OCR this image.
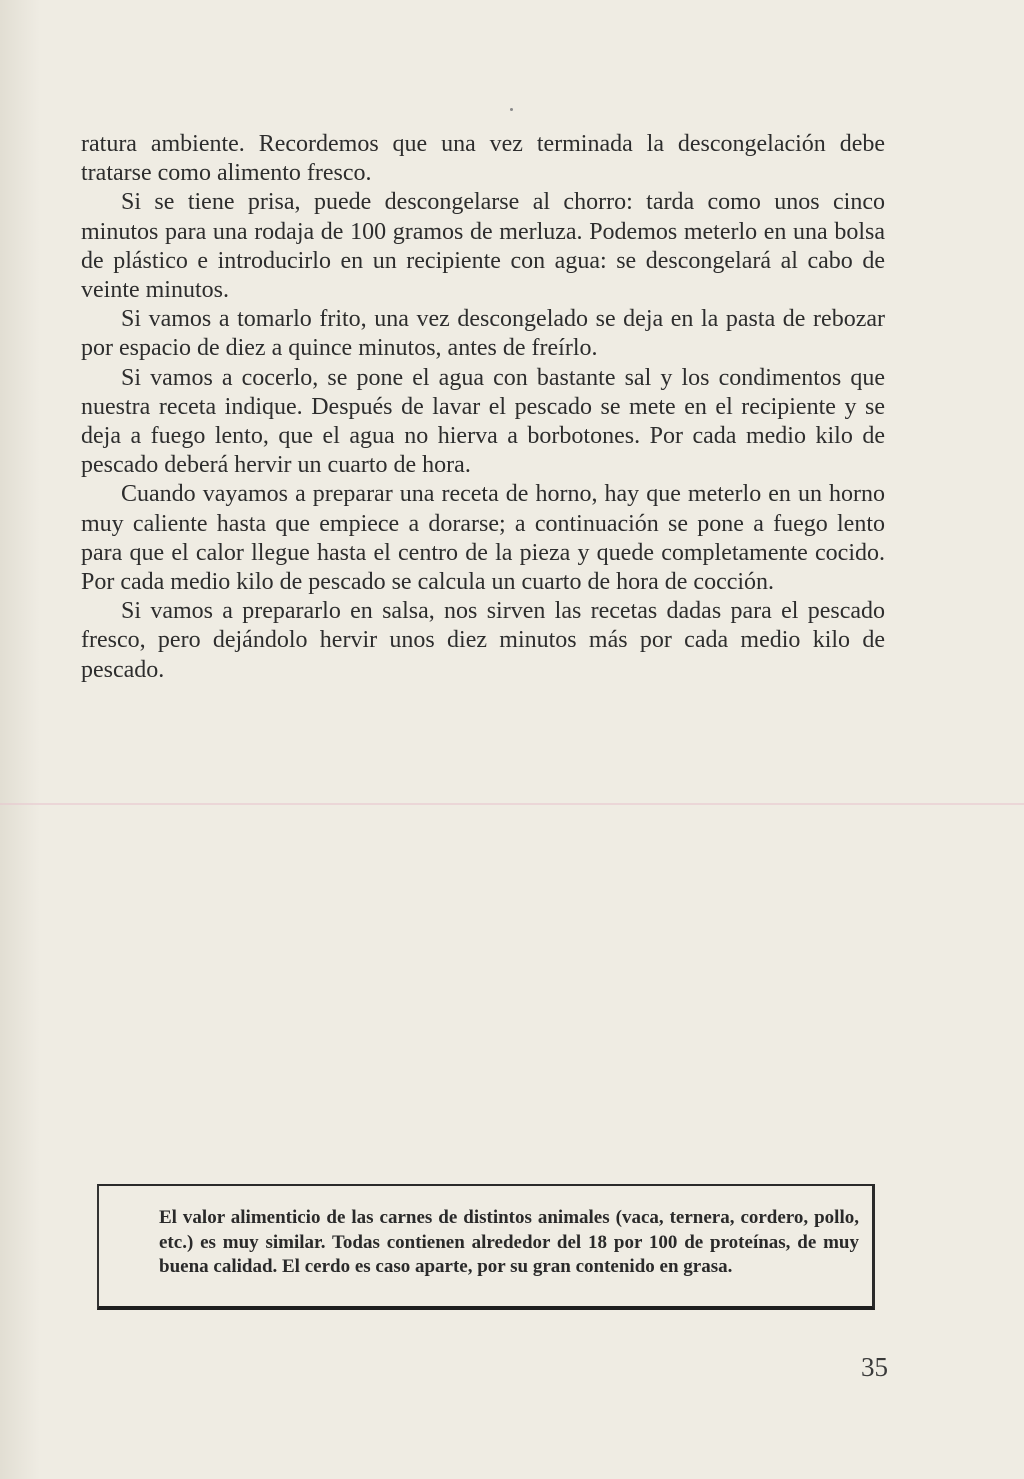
ratura ambiente. Recordemos que una vez terminada la descongelación debe tratarse como alimento fresco.

Si se tiene prisa, puede descongelarse al chorro: tarda como unos cinco minutos para una rodaja de 100 gramos de merluza. Podemos meterlo en una bolsa de plástico e introducirlo en un recipiente con agua: se descongelará al cabo de veinte minutos.

Si vamos a tomarlo frito, una vez descongelado se deja en la pasta de rebozar por espacio de diez a quince minutos, antes de freírlo.

Si vamos a cocerlo, se pone el agua con bastante sal y los condimentos que nuestra receta indique. Después de lavar el pescado se mete en el recipiente y se deja a fuego lento, que el agua no hierva a borbotones. Por cada medio kilo de pescado deberá hervir un cuarto de hora.

Cuando vayamos a preparar una receta de horno, hay que meterlo en un horno muy caliente hasta que empiece a dorarse; a continuación se pone a fuego lento para que el calor llegue hasta el centro de la pieza y quede completamente cocido. Por cada medio kilo de pescado se calcula un cuarto de hora de cocción.

Si vamos a prepararlo en salsa, nos sirven las recetas dadas para el pescado fresco, pero dejándolo hervir unos diez minutos más por cada medio kilo de pescado.

El valor alimenticio de las carnes de distintos animales (vaca, ternera, cordero, pollo, etc.) es muy similar. Todas contienen alrededor del 18 por 100 de proteínas, de muy buena calidad. El cerdo es caso aparte, por su gran contenido en grasa.

35
